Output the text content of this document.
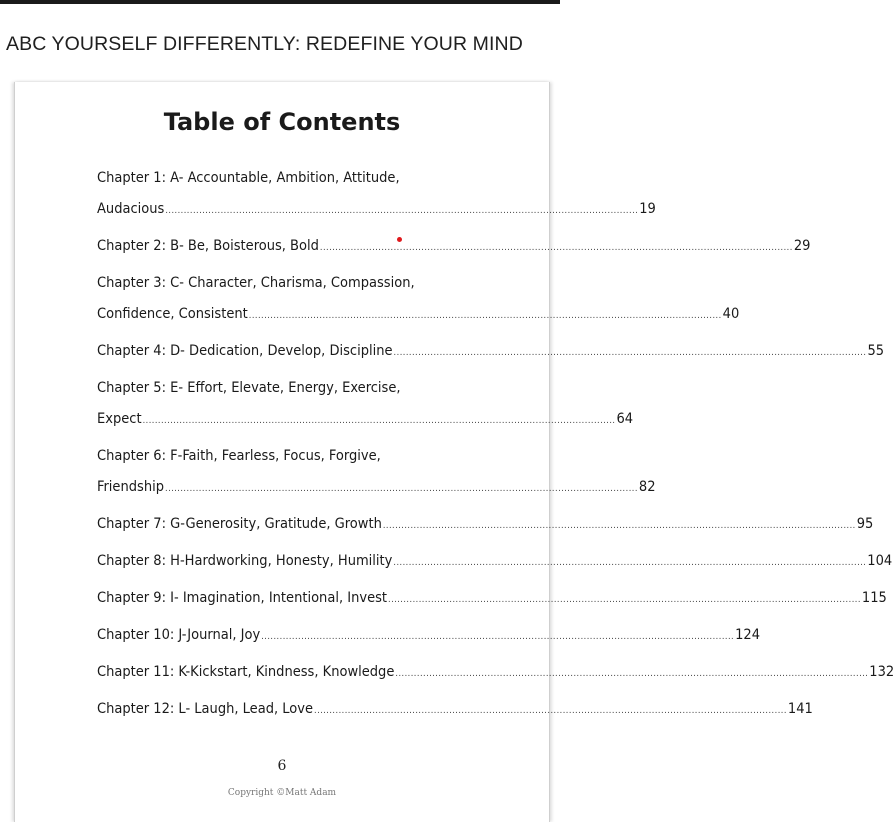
ABC YOURSELF DIFFERENTLY: REDEFINE YOUR MIND
Table of Contents
Chapter 1: A- Accountable, Ambition, Attitude,
Audacious .......................................................................................................................................................... 19
Chapter 2: B- Be, Boisterous, Bold .......................................................................................................................................................... 29
Chapter 3: C- Character, Charisma, Compassion,
Confidence, Consistent .......................................................................................................................................................... 40
Chapter 4: D- Dedication, Develop, Discipline .......................................................................................................................................................... 55
Chapter 5: E- Effort, Elevate, Energy, Exercise,
Expect .......................................................................................................................................................... 64
Chapter 6: F-Faith, Fearless, Focus, Forgive,
Friendship .......................................................................................................................................................... 82
Chapter 7: G-Generosity, Gratitude, Growth .......................................................................................................................................................... 95
Chapter 8: H-Hardworking, Honesty, Humility .......................................................................................................................................................... 104
Chapter 9: I- Imagination, Intentional, Invest .......................................................................................................................................................... 115
Chapter 10: J-Journal, Joy .......................................................................................................................................................... 124
Chapter 11: K-Kickstart, Kindness, Knowledge .......................................................................................................................................................... 132
Chapter 12: L- Laugh, Lead, Love .......................................................................................................................................................... 141
6
Copyright ©Matt Adam
